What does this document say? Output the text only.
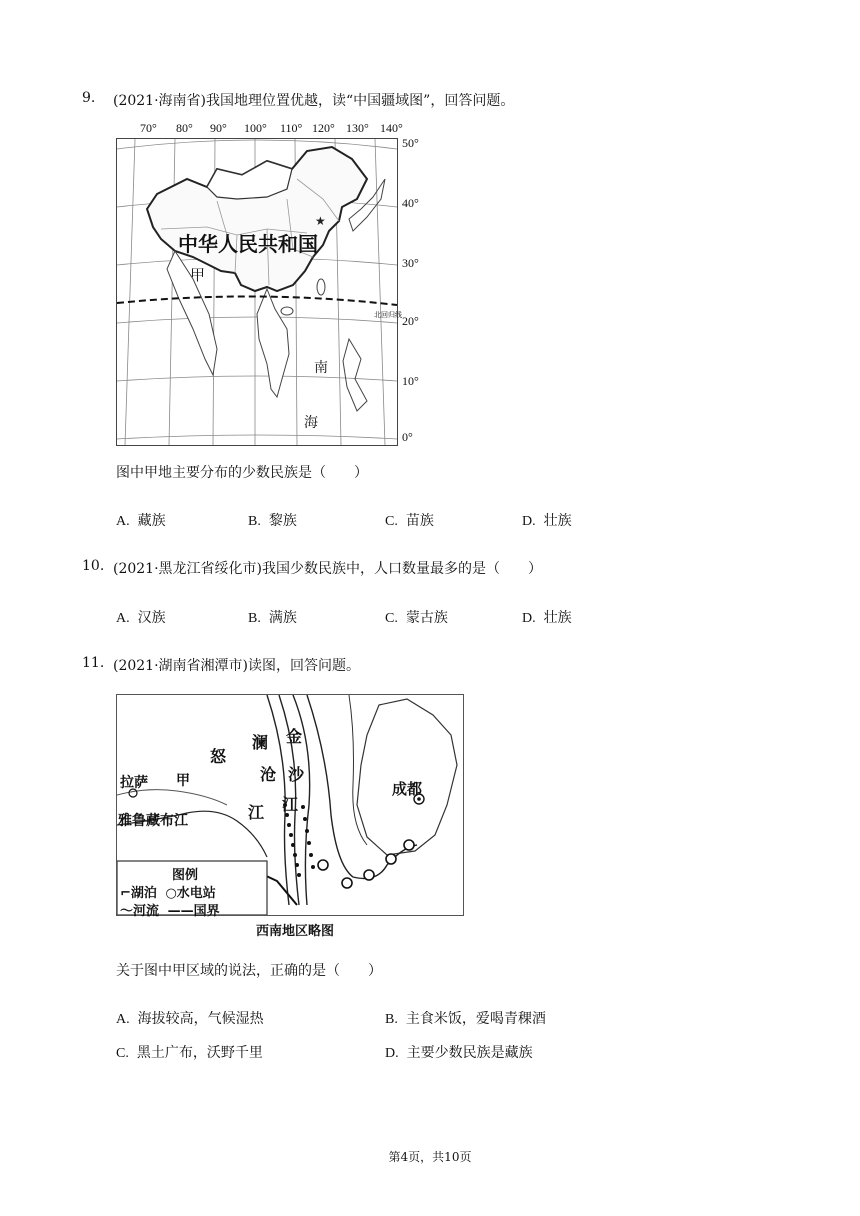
9. (2021·海南省)我国地理位置优越，读“中国疆域图”，回答问题。
★
70° 80° 90° 100° 110° 120° 130° 140°
50°
40°
30°
20°
10°
0°
中华人民共和国
甲
北回归线
南
海
图中甲地主要分布的少数民族是（　　）
A. 藏族	B. 黎族	C. 苗族	D. 壮族
10. (2021·黑龙江省绥化市)我国少数民族中，人口数量最多的是（　　）
A. 汉族	B. 满族	C. 蒙古族	D. 壮族
11. (2021·湖南省湘潭市)读图，回答问题。
拉萨 甲
雅鲁藏布江
怒
澜 金
沧 沙
江 江
成都
图例
⌐湖泊 ○水电站
～河流 ——国界
西南地区略图
关于图中甲区域的说法，正确的是（　　）
A. 海拔较高，气候湿热	B. 主食米饭，爱喝青稞酒
C. 黑土广布，沃野千里	D. 主要少数民族是藏族
第4页，共10页
